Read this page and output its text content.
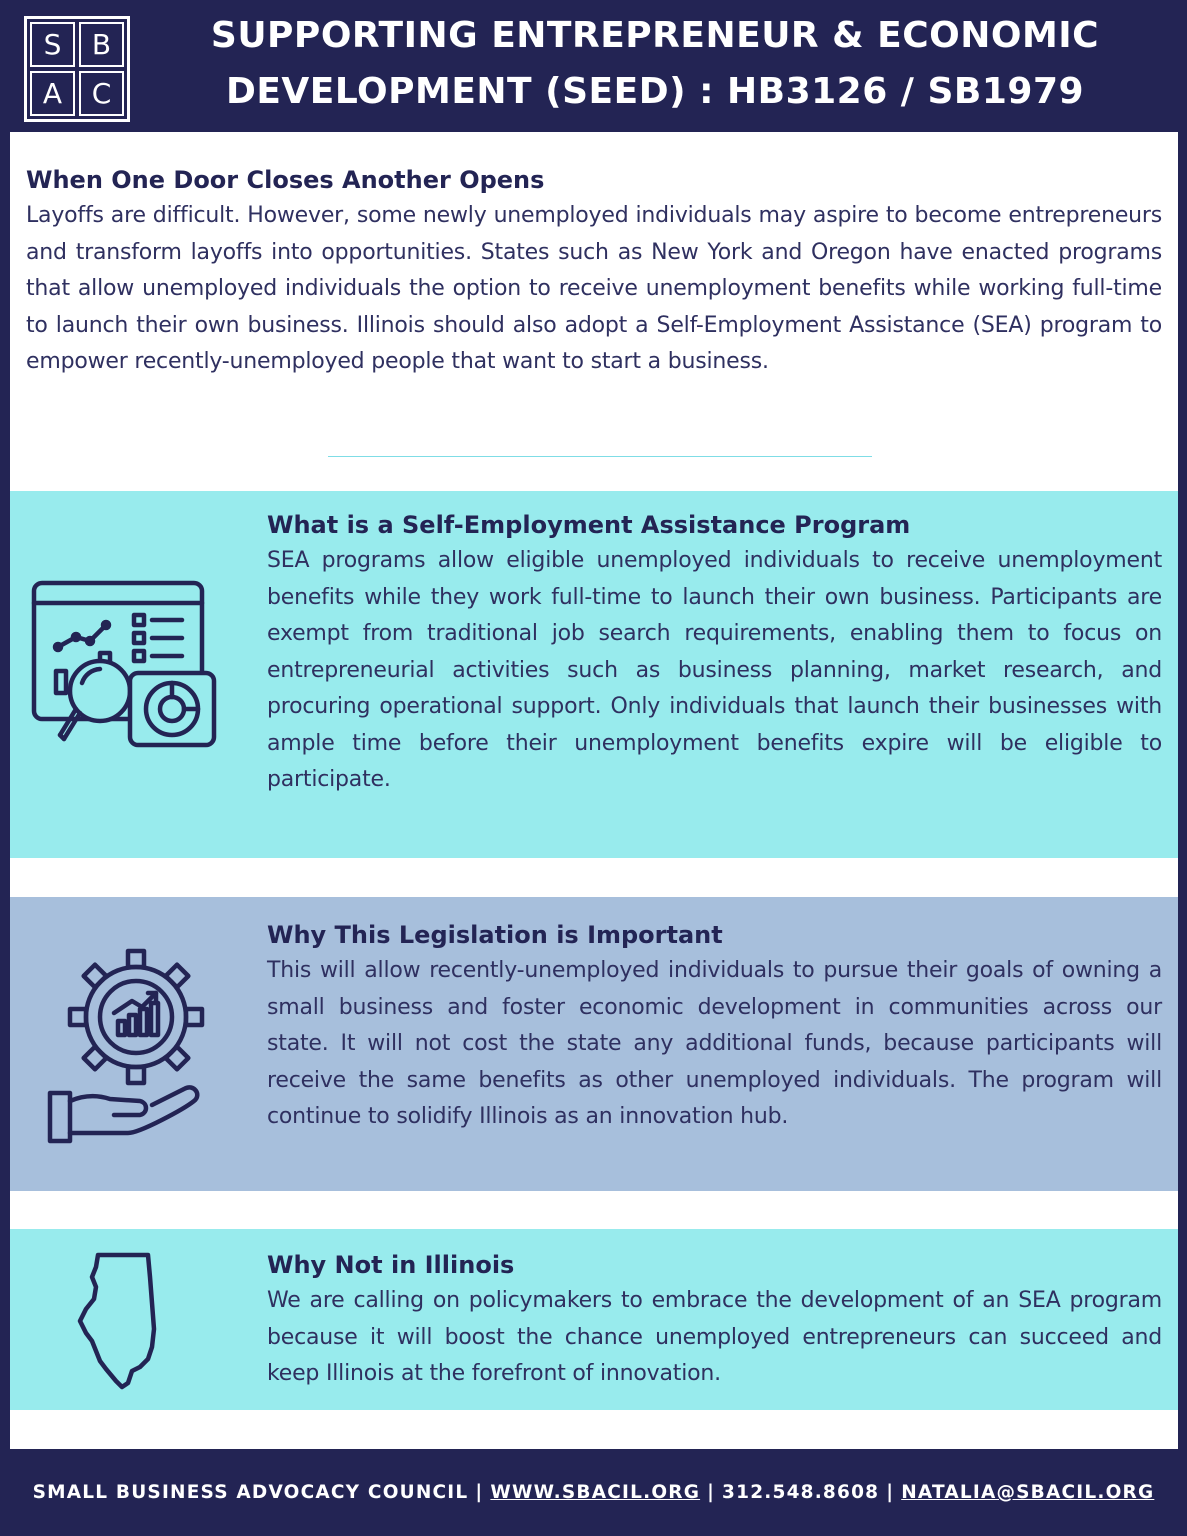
S	B
A	C
SUPPORTING ENTREPRENEUR & ECONOMIC
DEVELOPMENT (SEED) : HB3126 / SB1979
When One Door Closes Another Opens

Layoffs are difficult. However, some newly unemployed individuals may aspire to become entrepreneurs and transform layoffs into opportunities. States such as New York and Oregon have enacted programs that allow unemployed individuals the option to receive unemployment benefits while working full-time to launch their own business. Illinois should also adopt a Self-Employment Assistance (SEA) program to empower recently-unemployed people that want to start a business.

What is a Self-Employment Assistance Program

SEA programs allow eligible unemployed individuals to receive unemployment benefits while they work full-time to launch their own business. Participants are exempt from traditional job search requirements, enabling them to focus on entrepreneurial activities such as business planning, market research, and procuring operational support. Only individuals that launch their businesses with ample time before their unemployment benefits expire will be eligible to participate.

Why This Legislation is Important

This will allow recently-unemployed individuals to pursue their goals of owning a small business and foster economic development in communities across our state. It will not cost the state any additional funds, because participants will receive the same benefits as other unemployed individuals. The program will continue to solidify Illinois as an innovation hub.

Why Not in Illinois

We are calling on policymakers to embrace the development of an SEA program because it will boost the chance unemployed entrepreneurs can succeed and keep Illinois at the forefront of innovation.

SMALL BUSINESS ADVOCACY COUNCIL | WWW.SBACIL.ORG | 312.548.8608 | NATALIA@SBACIL.ORG
